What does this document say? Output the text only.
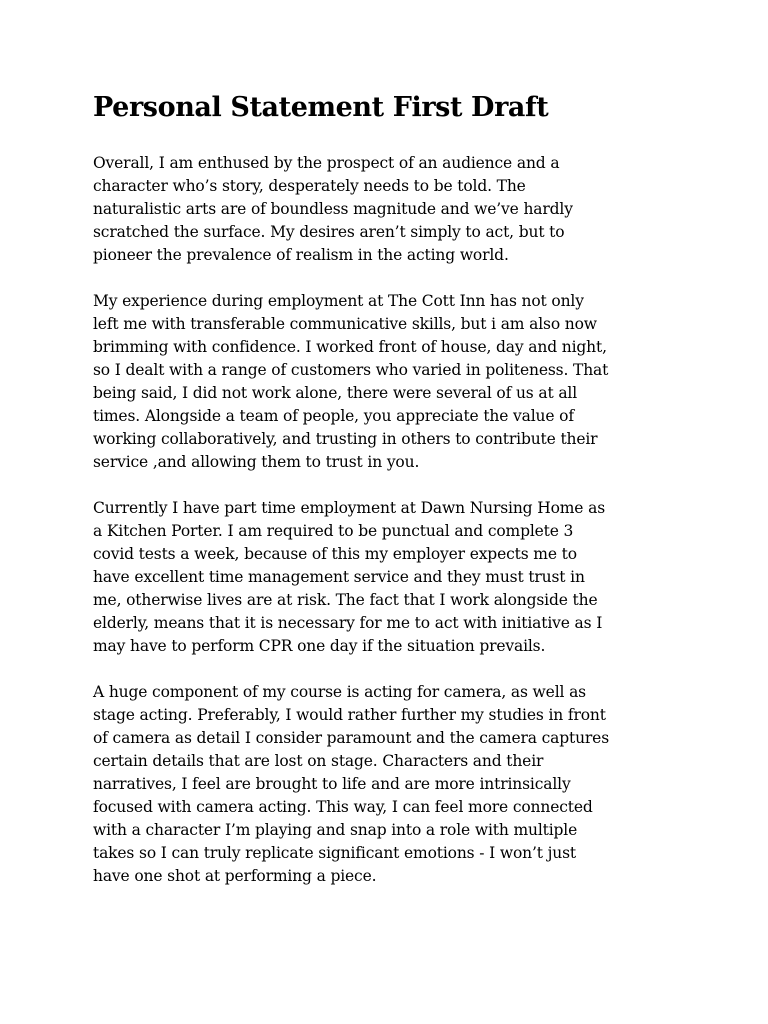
Personal Statement First Draft

Overall, I am enthused by the prospect of an audience and a
character who’s story, desperately needs to be told. The
naturalistic arts are of boundless magnitude and we’ve hardly
scratched the surface. My desires aren’t simply to act, but to
pioneer the prevalence of realism in the acting world.

My experience during employment at The Cott Inn has not only
left me with transferable communicative skills, but i am also now
brimming with confidence. I worked front of house, day and night,
so I dealt with a range of customers who varied in politeness. That
being said, I did not work alone, there were several of us at all
times. Alongside a team of people, you appreciate the value of
working collaboratively, and trusting in others to contribute their
service ,and allowing them to trust in you.

Currently I have part time employment at Dawn Nursing Home as
a Kitchen Porter. I am required to be punctual and complete 3
covid tests a week, because of this my employer expects me to
have excellent time management service and they must trust in
me, otherwise lives are at risk. The fact that I work alongside the
elderly, means that it is necessary for me to act with initiative as I
may have to perform CPR one day if the situation prevails.

A huge component of my course is acting for camera, as well as
stage acting. Preferably, I would rather further my studies in front
of camera as detail I consider paramount and the camera captures
certain details that are lost on stage. Characters and their
narratives, I feel are brought to life and are more intrinsically
focused with camera acting. This way, I can feel more connected
with a character I’m playing and snap into a role with multiple
takes so I can truly replicate significant emotions - I won’t just
have one shot at performing a piece.
